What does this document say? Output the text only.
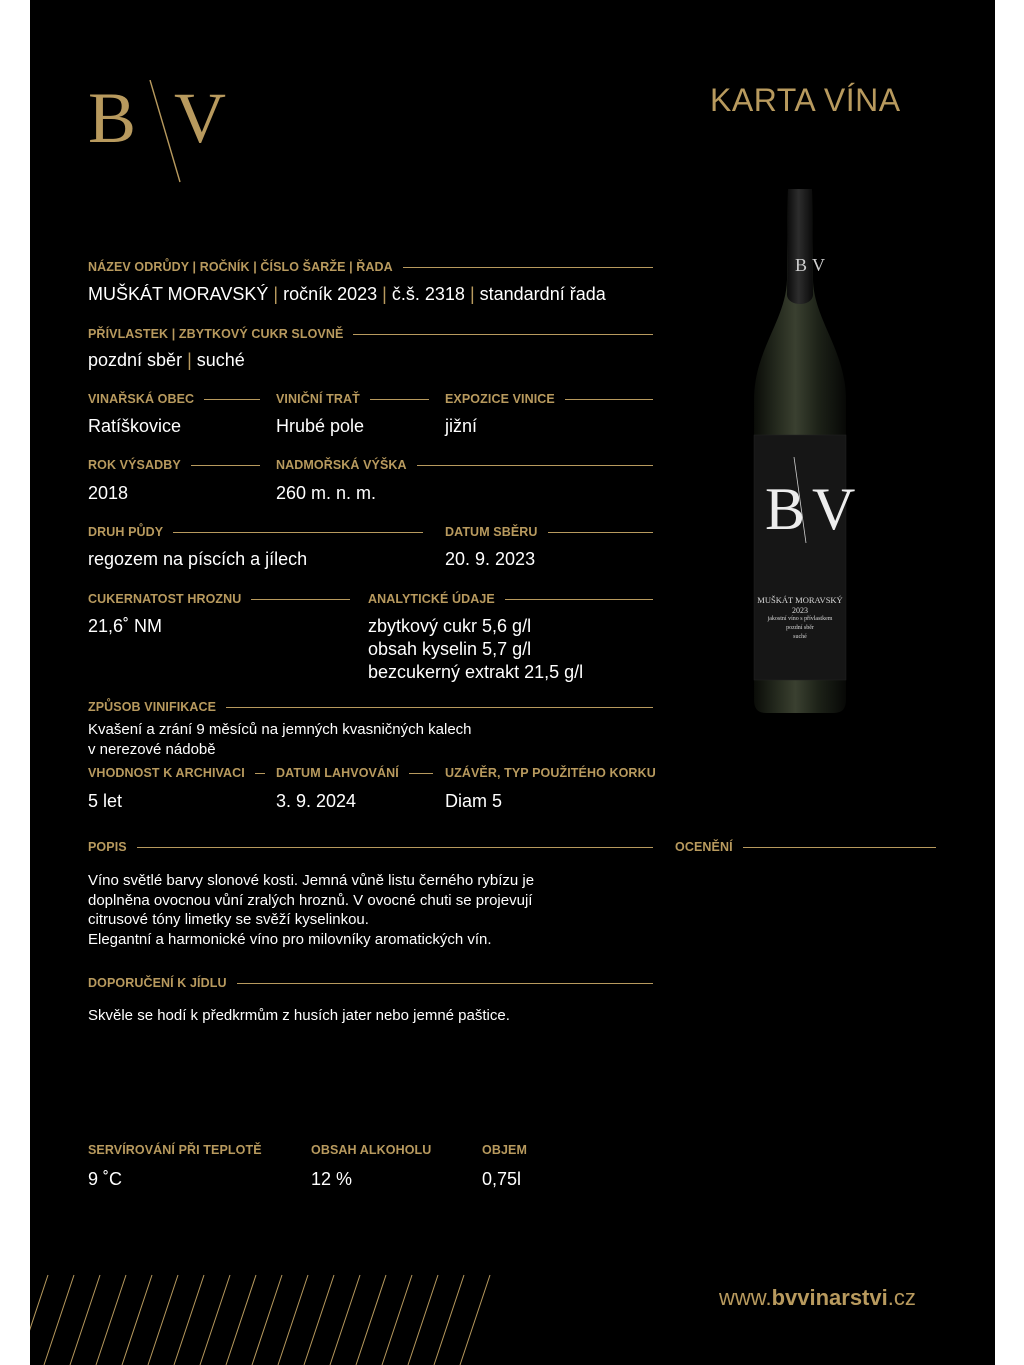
B V	KARTA VÍNA
B V
B V
MUŠKÁT MORAVSKÝ
2023
jakostní víno s přívlastkem
pozdní sběr
suché
NÁZEV ODRŮDY | ROČNÍK | ČÍSLO ŠARŽE | ŘADA
MUŠKÁT MORAVSKÝ | ročník 2023 | č.š. 2318 | standardní řada
PŘÍVLASTEK | ZBYTKOVÝ CUKR SLOVNĚ
pozdní sběr | suché
VINAŘSKÁ OBEC
Ratíškovice
VINIČNÍ TRAŤ
Hrubé pole
EXPOZICE VINICE
jižní
ROK VÝSADBY
2018
NADMOŘSKÁ VÝŠKA
260 m. n. m.
DRUH PŮDY
regozem na píscích a jílech
DATUM SBĚRU
20. 9. 2023
CUKERNATOST HROZNU
21,6˚ NM
ANALYTICKÉ ÚDAJE
zbytkový cukr 5,6 g/l
obsah kyselin 5,7 g/l
bezcukerný extrakt 21,5 g/l
ZPŮSOB VINIFIKACE
Kvašení a zrání 9 měsíců na jemných kvasničných kalech
v nerezové nádobě
VHODNOST K ARCHIVACI
5 let
DATUM LAHVOVÁNÍ
3. 9. 2024
UZÁVĚR, TYP POUŽITÉHO KORKU
Diam 5
POPIS	OCENĚNÍ
Víno světlé barvy slonové kosti. Jemná vůně listu černého rybízu je
doplněna ovocnou vůní zralých hroznů. V ovocné chuti se projevují
citrusové tóny limetky se svěží kyselinkou.
Elegantní a harmonické víno pro milovníky aromatických vín.
DOPORUČENÍ K JÍDLU
Skvěle se hodí k předkrmům z husích jater nebo jemné paštice.
SERVÍROVÁNÍ PŘI TEPLOTĚ
9 ˚C
OBSAH ALKOHOLU
12 %
OBJEM
0,75l
www.bvvinarstvi.cz
